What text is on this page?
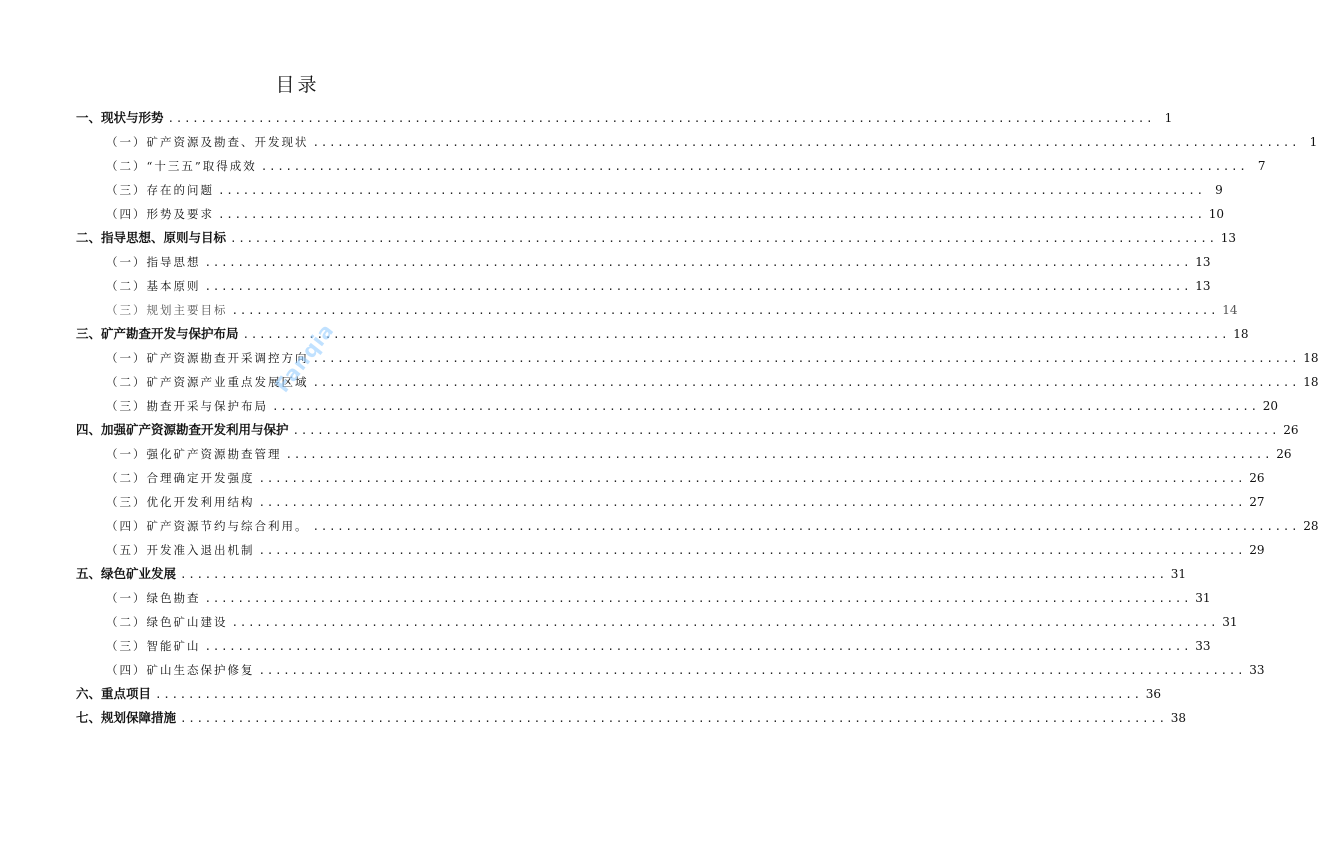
目录
一、现状与形势 ........................................................................................................................ 1
（一）矿产资源及勘查、开发现状 ........................................................................................................................ 1
（二）“十三五”取得成效 ........................................................................................................................ 7
（三）存在的问题 ........................................................................................................................ 9
（四）形势及要求 ........................................................................................................................ 10
二、指导思想、原则与目标 ........................................................................................................................ 13
（一）指导思想 ........................................................................................................................ 13
（二）基本原则 ........................................................................................................................ 13
（三）规划主要目标 ........................................................................................................................ 14
三、矿产勘查开发与保护布局 ........................................................................................................................ 18
（一）矿产资源勘查开采调控方向 ........................................................................................................................ 18
（二）矿产资源产业重点发展区域 ........................................................................................................................ 18
（三）勘查开采与保护布局 ........................................................................................................................ 20
四、加强矿产资源勘查开发利用与保护 ........................................................................................................................ 26
（一）强化矿产资源勘查管理 ........................................................................................................................ 26
（二）合理确定开发强度 ........................................................................................................................ 26
（三）优化开发利用结构 ........................................................................................................................ 27
（四）矿产资源节约与综合利用。 ........................................................................................................................ 28
（五）开发准入退出机制 ........................................................................................................................ 29
五、绿色矿业发展 ........................................................................................................................ 31
（一）绿色勘查 ........................................................................................................................ 31
（二）绿色矿山建设 ........................................................................................................................ 31
（三）智能矿山 ........................................................................................................................ 33
（四）矿山生态保护修复 ........................................................................................................................ 33
六、重点项目 ........................................................................................................................ 36
七、规划保障措施 ........................................................................................................................ 38
Fanqia
